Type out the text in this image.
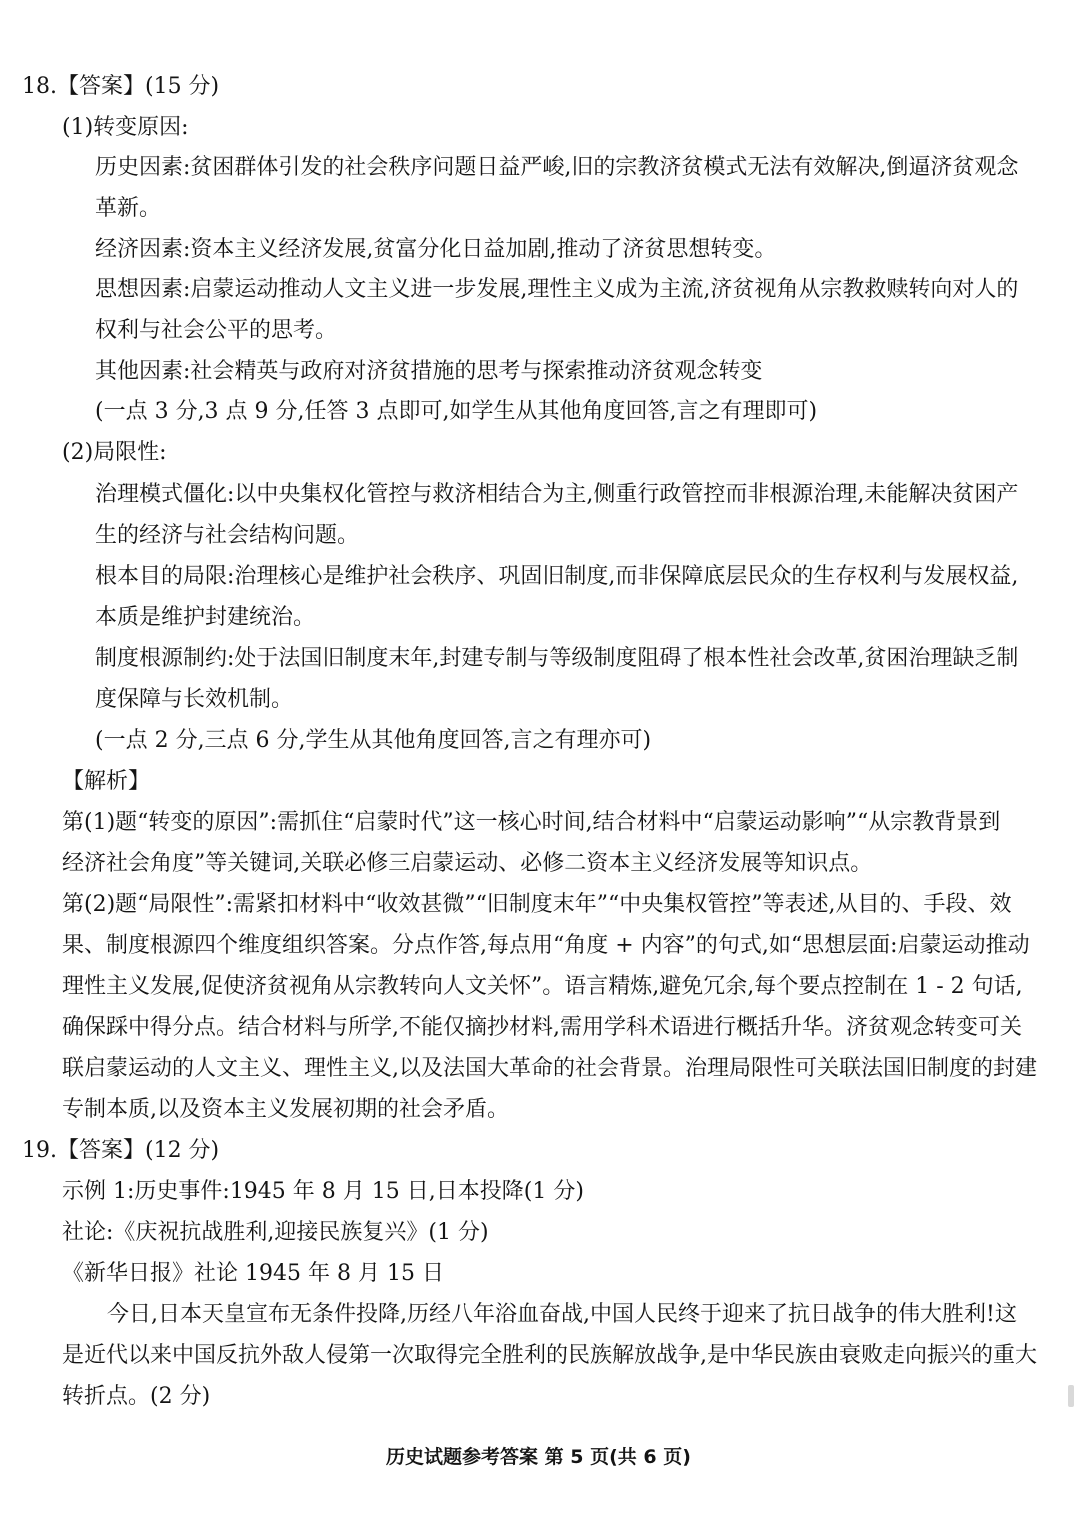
18.【答案】(15 分)
(1)转变原因:
历史因素:贫困群体引发的社会秩序问题日益严峻,旧的宗教济贫模式无法有效解决,倒逼济贫观念
革新。
经济因素:资本主义经济发展,贫富分化日益加剧,推动了济贫思想转变。
思想因素:启蒙运动推动人文主义进一步发展,理性主义成为主流,济贫视角从宗教救赎转向对人的
权利与社会公平的思考。
其他因素:社会精英与政府对济贫措施的思考与探索推动济贫观念转变
(一点 3 分,3 点 9 分,任答 3 点即可,如学生从其他角度回答,言之有理即可)
(2)局限性:
治理模式僵化:以中央集权化管控与救济相结合为主,侧重行政管控而非根源治理,未能解决贫困产
生的经济与社会结构问题。
根本目的局限:治理核心是维护社会秩序、巩固旧制度,而非保障底层民众的生存权利与发展权益,
本质是维护封建统治。
制度根源制约:处于法国旧制度末年,封建专制与等级制度阻碍了根本性社会改革,贫困治理缺乏制
度保障与长效机制。
(一点 2 分,三点 6 分,学生从其他角度回答,言之有理亦可)
【解析】
第(1)题“转变的原因”:需抓住“启蒙时代”这一核心时间,结合材料中“启蒙运动影响”“从宗教背景到
经济社会角度”等关键词,关联必修三启蒙运动、必修二资本主义经济发展等知识点。
第(2)题“局限性”:需紧扣材料中“收效甚微”“旧制度末年”“中央集权管控”等表述,从目的、手段、效
果、制度根源四个维度组织答案。分点作答,每点用“角度 + 内容”的句式,如“思想层面:启蒙运动推动
理性主义发展,促使济贫视角从宗教转向人文关怀”。语言精炼,避免冗余,每个要点控制在 1 - 2 句话,
确保踩中得分点。结合材料与所学,不能仅摘抄材料,需用学科术语进行概括升华。济贫观念转变可关
联启蒙运动的人文主义、理性主义,以及法国大革命的社会背景。治理局限性可关联法国旧制度的封建
专制本质,以及资本主义发展初期的社会矛盾。
19.【答案】(12 分)
示例 1:历史事件:1945 年 8 月 15 日,日本投降(1 分)
社论:《庆祝抗战胜利,迎接民族复兴》(1 分)
《新华日报》社论 1945 年 8 月 15 日
今日,日本天皇宣布无条件投降,历经八年浴血奋战,中国人民终于迎来了抗日战争的伟大胜利!这
是近代以来中国反抗外敌人侵第一次取得完全胜利的民族解放战争,是中华民族由衰败走向振兴的重大
转折点。(2 分)
历史试题参考答案 第 5 页(共 6 页)
